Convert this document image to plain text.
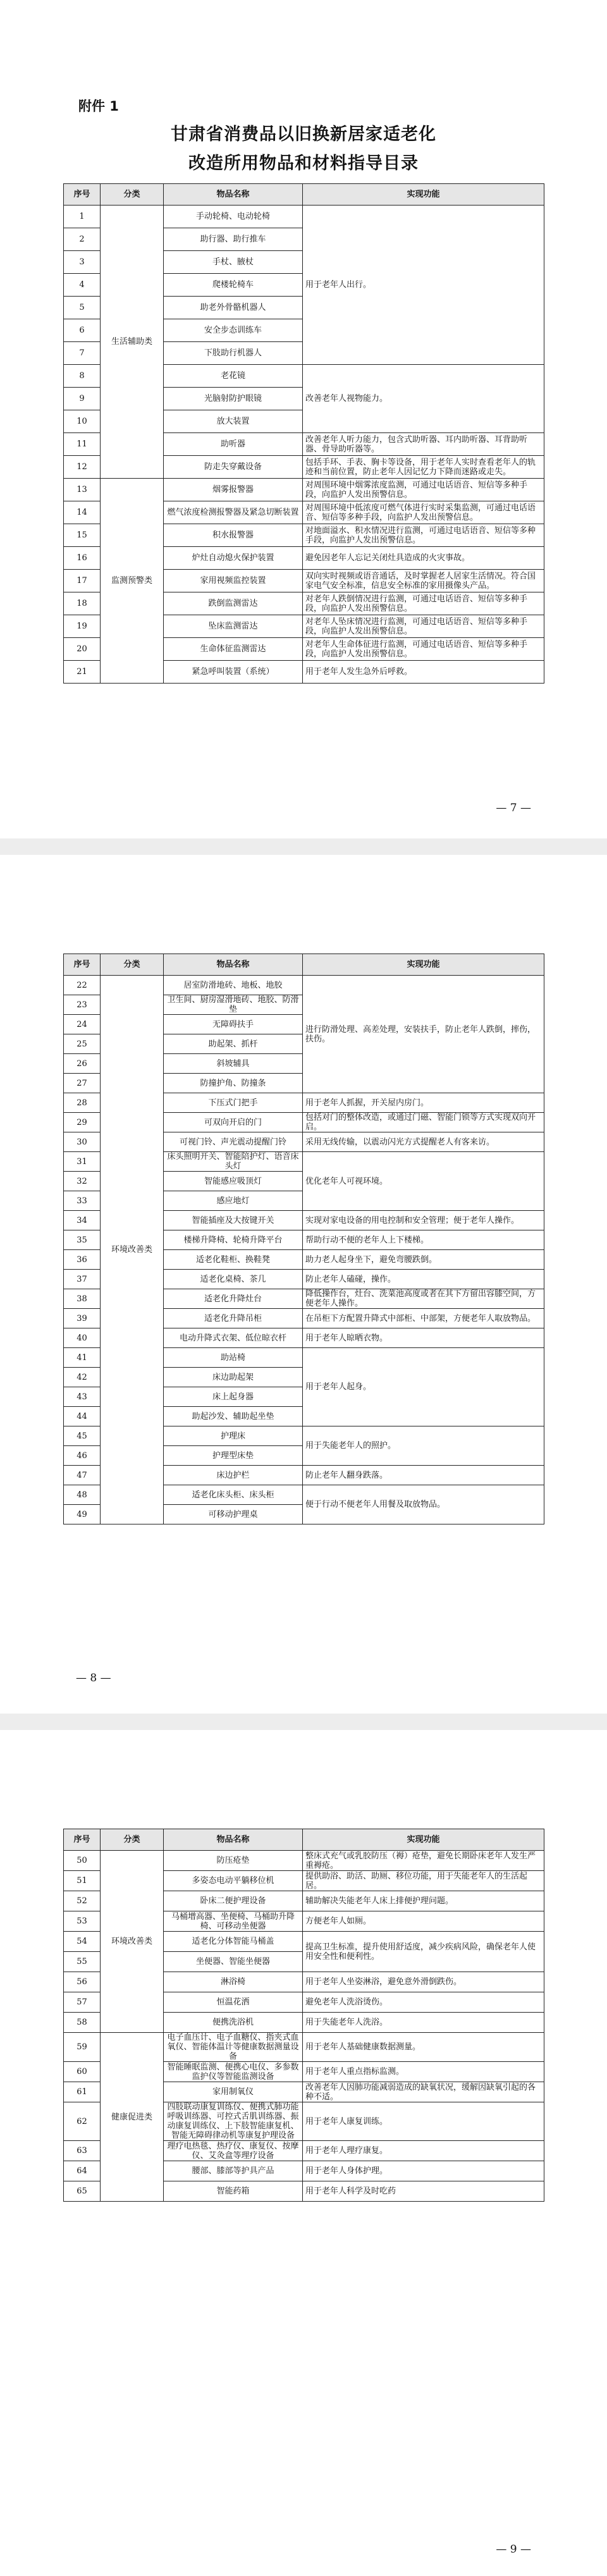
附件 1
甘肃省消费品以旧换新居家适老化
改造所用物品和材料指导目录
序号	分类	物品名称	实现功能
1	生活辅助类	手动轮椅、电动轮椅	用于老年人出行。
2		助行器、助行推车	
3		手杖、腋杖	
4		爬楼轮椅车	
5		助老外骨骼机器人	
6		安全步态训练车	
7		下肢助行机器人	
8		老花镜	改善老年人视物能力。
9		光脑射防护眼镜	
10		放大装置	
11		助听器	改善老年人听力能力，包含式助听器、耳内助听器、耳背助听器、骨导助听器等。
12		防走失穿戴设备	包括手环、手表、胸卡等设备，用于老年人实时查看老年人的轨迹和当前位置，防止老年人因记忆力下降而迷路或走失。
13	监测预警类	烟雾报警器	对周围环境中烟雾浓度监测，可通过电话语音、短信等多种手段，向监护人发出预警信息。
14		燃气浓度检测报警器及紧急切断装置	对周围环境中低浓度可燃气体进行实时采集监测，可通过电话语音、短信等多种手段，向监护人发出预警信息。
15		积水报警器	对地面溢水、积水情况进行监测，可通过电话语音、短信等多种手段，向监护人发出预警信息。
16		炉灶自动熄火保护装置	避免因老年人忘记关闭灶具造成的火灾事故。
17		家用视频监控装置	双向实时视频或语音通话，及时掌握老人居家生活情况。符合国家电气安全标准，信息安全标准的家用摄像头产品。
18		跌倒监测雷达	对老年人跌倒情况进行监测，可通过电话语音、短信等多种手段，向监护人发出预警信息。
19		坠床监测雷达	对老年人坠床情况进行监测，可通过电话语音、短信等多种手段，向监护人发出预警信息。
20		生命体征监测雷达	对老年人生命体征进行监测，可通过电话语音、短信等多种手段，向监护人发出预警信息。
21		紧急呼叫装置（系统）	用于老年人发生急外后呼救。
— 7 —
序号	分类	物品名称	实现功能
22	环境改善类	居室防滑地砖、地板、地胶	进行防滑处理、高差处理，安装扶手，防止老年人跌倒，摔伤，扶伤。
23		卫生间、厨房湿滑地砖、地胶、防滑垫	
24		无障碍扶手	
25		助起架、抓杆	
26		斜坡辅具	
27		防撞护角、防撞条	
28		下压式门把手	用于老年人抓握，开关屋内房门。
29		可双向开启的门	包括对门的整体改造，或通过门磁、智能门锁等方式实现双向开启。
30		可视门铃、声光震动提醒门铃	采用无线传输，以震动闪光方式提醒老人有客来访。
31		床头照明开关、智能陪护灯、语音床头灯	优化老年人可视环境。
32		智能感应吸顶灯	
33		感应地灯	
34		智能插座及大按键开关	实现对家电设备的用电控制和安全管理；便于老年人操作。
35		楼梯升降椅、轮椅升降平台	帮助行动不便的老年人上下楼梯。
36		适老化鞋柜、换鞋凳	助力老人起身坐下，避免弯腰跌倒。
37		适老化桌椅、茶几	防止老年人磕碰，操作。
38		适老化升降灶台	降低操作台，灶台、洗菜池高度或者在其下方留出容膝空间，方便老年人操作。
39		适老化升降吊柜	在吊柜下方配置升降式中部柜、中部架，方便老年人取放物品。
40		电动升降式衣架、低位晾衣杆	用于老年人晾晒衣物。
41		助站椅	用于老年人起身。
42		床边助起架	
43		床上起身器	
44		助起沙发、辅助起坐垫	
45		护理床	用于失能老年人的照护。
46		护理型床垫	
47		床边护栏	防止老年人翻身跌落。
48		适老化床头柜、床头柜	便于行动不便老年人用餐及取放物品。
49		可移动护理桌	
— 8 —
序号	分类	物品名称	实现功能
50	环境改善类	防压疮垫	整床式充气或乳胶防压（褥）疮垫，避免长期卧床老年人发生严重褥疮。
51		多姿态电动平躺移位机	提供助浴、助活、助厕、移位功能，用于失能老年人的生活起居。
52		卧床二便护理设备	辅助解决失能老年人床上排便护理问题。
53		马桶增高器、坐便椅、马桶助升降椅、可移动坐便器	方便老年人如厕。
54		适老化分体智能马桶盖	提高卫生标准，提升使用舒适度，减少疾病风险，确保老年人使用安全性和便利性。
55		坐便器、智能坐便器	
56		淋浴椅	用于老年人坐姿淋浴，避免意外滑倒跌伤。
57		恒温花洒	避免老年人洗浴烫伤。
58		便携洗浴机	用于失能老年人洗浴。
59	健康促进类	电子血压计、电子血糖仪、指夹式血氧仪、智能体温计等健康数据测量设备	用于老年人基础健康数据测量。
60		智能睡眠监测、便携心电仪、多参数监护仪等智能监测设备	用于老年人重点指标监测。
61		家用制氧仪	改善老年人因肺功能减弱造成的缺氧状况，缓解因缺氧引起的各种不适。
62		四肢联动康复训练仪、便携式肺功能呼吸训练器、可控式舌肌训练器、振动康复训练仪、上下肢智能康复机、智能无障碍律动机等康复护理设备	用于老年人康复训练。
63		理疗电热毯、热疗仪、康复仪、按摩仪、艾灸盒等理疗设备	用于老年人理疗康复。
64		腰部、膝部等护具产品	用于老年人身体护理。
65		智能药箱	用于老年人科学及时吃药
— 9 —
